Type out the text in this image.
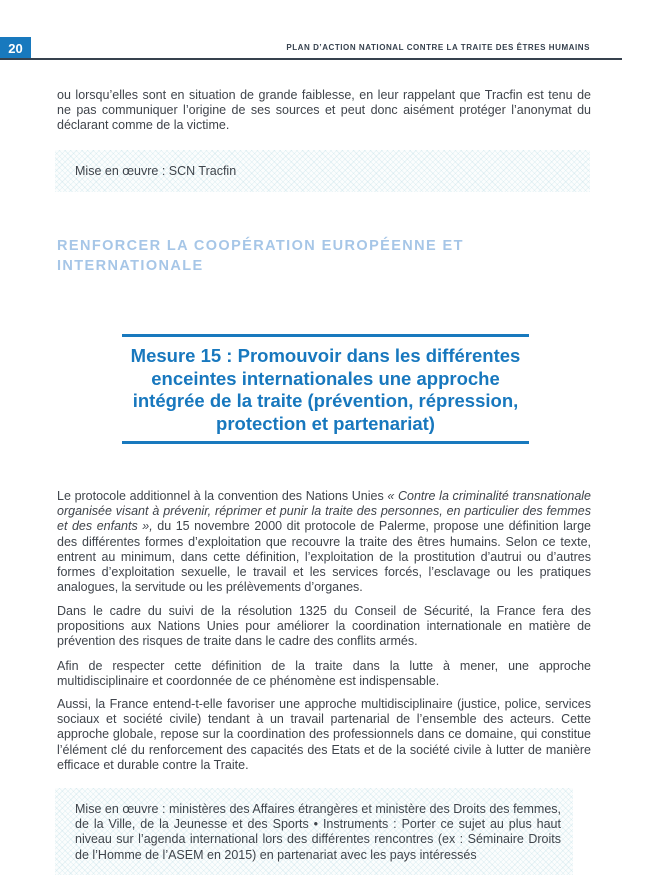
20	PLAN D’ACTION NATIONAL CONTRE LA TRAITE DES ÊTRES HUMAINS

ou lorsqu’elles sont en situation de grande faiblesse, en leur rappelant que Tracfin est tenu de ne pas communiquer l’origine de ses sources et peut donc aisément protéger l’anonymat du déclarant comme de la victime.

Mise en œuvre : SCN Tracfin
RENFORCER LA COOPÉRATION EUROPÉENNE ET INTERNATIONALE
Mesure 15 : Promouvoir dans les différentes enceintes internationales une approche intégrée de la traite (prévention, répression, protection et partenariat)

Le protocole additionnel à la convention des Nations Unies « Contre la criminalité transnationale organisée visant à prévenir, réprimer et punir la traite des personnes, en particulier des femmes et des enfants », du 15 novembre 2000 dit protocole de Palerme, propose une définition large des différentes formes d’exploitation que recouvre la traite des êtres humains. Selon ce texte, entrent au minimum, dans cette définition, l’exploitation de la prostitution d’autrui ou d’autres formes d’exploitation sexuelle, le travail et les services forcés, l’esclavage ou les pratiques analogues, la servitude ou les prélèvements d’organes.

Dans le cadre du suivi de la résolution 1325 du Conseil de Sécurité, la France fera des propositions aux Nations Unies pour améliorer la coordination internationale en matière de prévention des risques de traite dans le cadre des conflits armés.

Afin de respecter cette définition de la traite dans la lutte à mener, une approche multidisciplinaire et coordonnée de ce phénomène est indispensable.

Aussi, la France entend-t-elle favoriser une approche multidisciplinaire (justice, police, services sociaux et société civile) tendant à un travail partenarial de l’ensemble des acteurs. Cette approche globale, repose sur la coordination des professionnels dans ce domaine, qui constitue l’élément clé du renforcement des capacités des Etats et de la société civile à lutter de manière efficace et durable contre la Traite.

Mise en œuvre : ministères des Affaires étrangères et ministère des Droits des femmes, de la Ville, de la Jeunesse et des Sports • Instruments : Porter ce sujet au plus haut niveau sur l’agenda international lors des différentes rencontres (ex : Séminaire Droits de l’Homme de l’ASEM en 2015) en partenariat avec les pays intéressés
